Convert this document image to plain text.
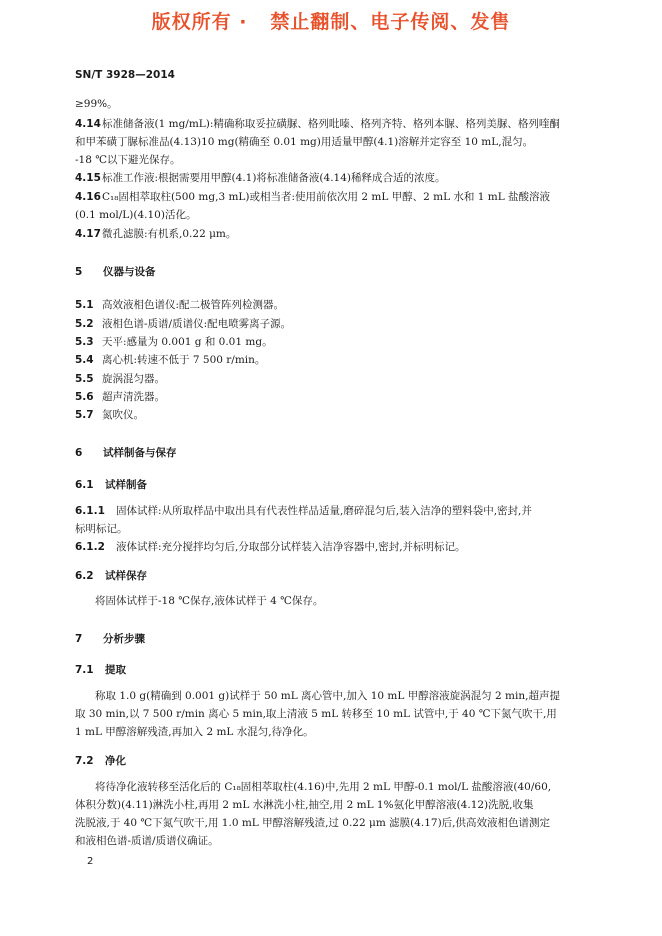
版权所有 ·   禁止翻制、电子传阅、发售
SN/T 3928—2014
≥99%。
4.14标准储备液(1 mg/mL):精确称取妥拉磺脲、格列吡嗪、格列齐特、格列本脲、格列美脲、格列喹酮
和甲苯磺丁脲标准品(4.13)10 mg(精确至 0.01 mg)用适量甲醇(4.1)溶解并定容至 10 mL,混匀。
-18 ℃以下避光保存。
4.15标准工作液:根据需要用甲醇(4.1)将标准储备液(4.14)稀释成合适的浓度。
4.16C₁₈固相萃取柱(500 mg,3 mL)或相当者:使用前依次用 2 mL 甲醇、2 mL 水和 1 mL 盐酸溶液
(0.1 mol/L)(4.10)活化。
4.17微孔滤膜:有机系,0.22 μm。
5 仪器与设备
5.1 高效液相色谱仪:配二极管阵列检测器。
5.2 液相色谱-质谱/质谱仪:配电喷雾离子源。
5.3 天平:感量为 0.001 g 和 0.01 mg。
5.4 离心机:转速不低于 7 500 r/min。
5.5 旋涡混匀器。
5.6 超声清洗器。
5.7 氮吹仪。
6 试样制备与保存
6.1 试样制备
6.1.1 固体试样:从所取样品中取出具有代表性样品适量,磨碎混匀后,装入洁净的塑料袋中,密封,并
标明标记。
6.1.2 液体试样:充分搅拌均匀后,分取部分试样装入洁净容器中,密封,并标明标记。
6.2 试样保存
将固体试样于-18 ℃保存,液体试样于 4 ℃保存。
7 分析步骤
7.1 提取
称取 1.0 g(精确到 0.001 g)试样于 50 mL 离心管中,加入 10 mL 甲醇溶液旋涡混匀 2 min,超声提
取 30 min,以 7 500 r/min 离心 5 min,取上清液 5 mL 转移至 10 mL 试管中,于 40 ℃下氮气吹干,用
1 mL 甲醇溶解残渣,再加入 2 mL 水混匀,待净化。
7.2 净化
将待净化液转移至活化后的 C₁₈固相萃取柱(4.16)中,先用 2 mL 甲醇-0.1 mol/L 盐酸溶液(40/60,
体积分数)(4.11)淋洗小柱,再用 2 mL 水淋洗小柱,抽空,用 2 mL 1%氨化甲醇溶液(4.12)洗脱,收集
洗脱液,于 40 ℃下氮气吹干,用 1.0 mL 甲醇溶解残渣,过 0.22 μm 滤膜(4.17)后,供高效液相色谱测定
和液相色谱-质谱/质谱仪确证。
2
